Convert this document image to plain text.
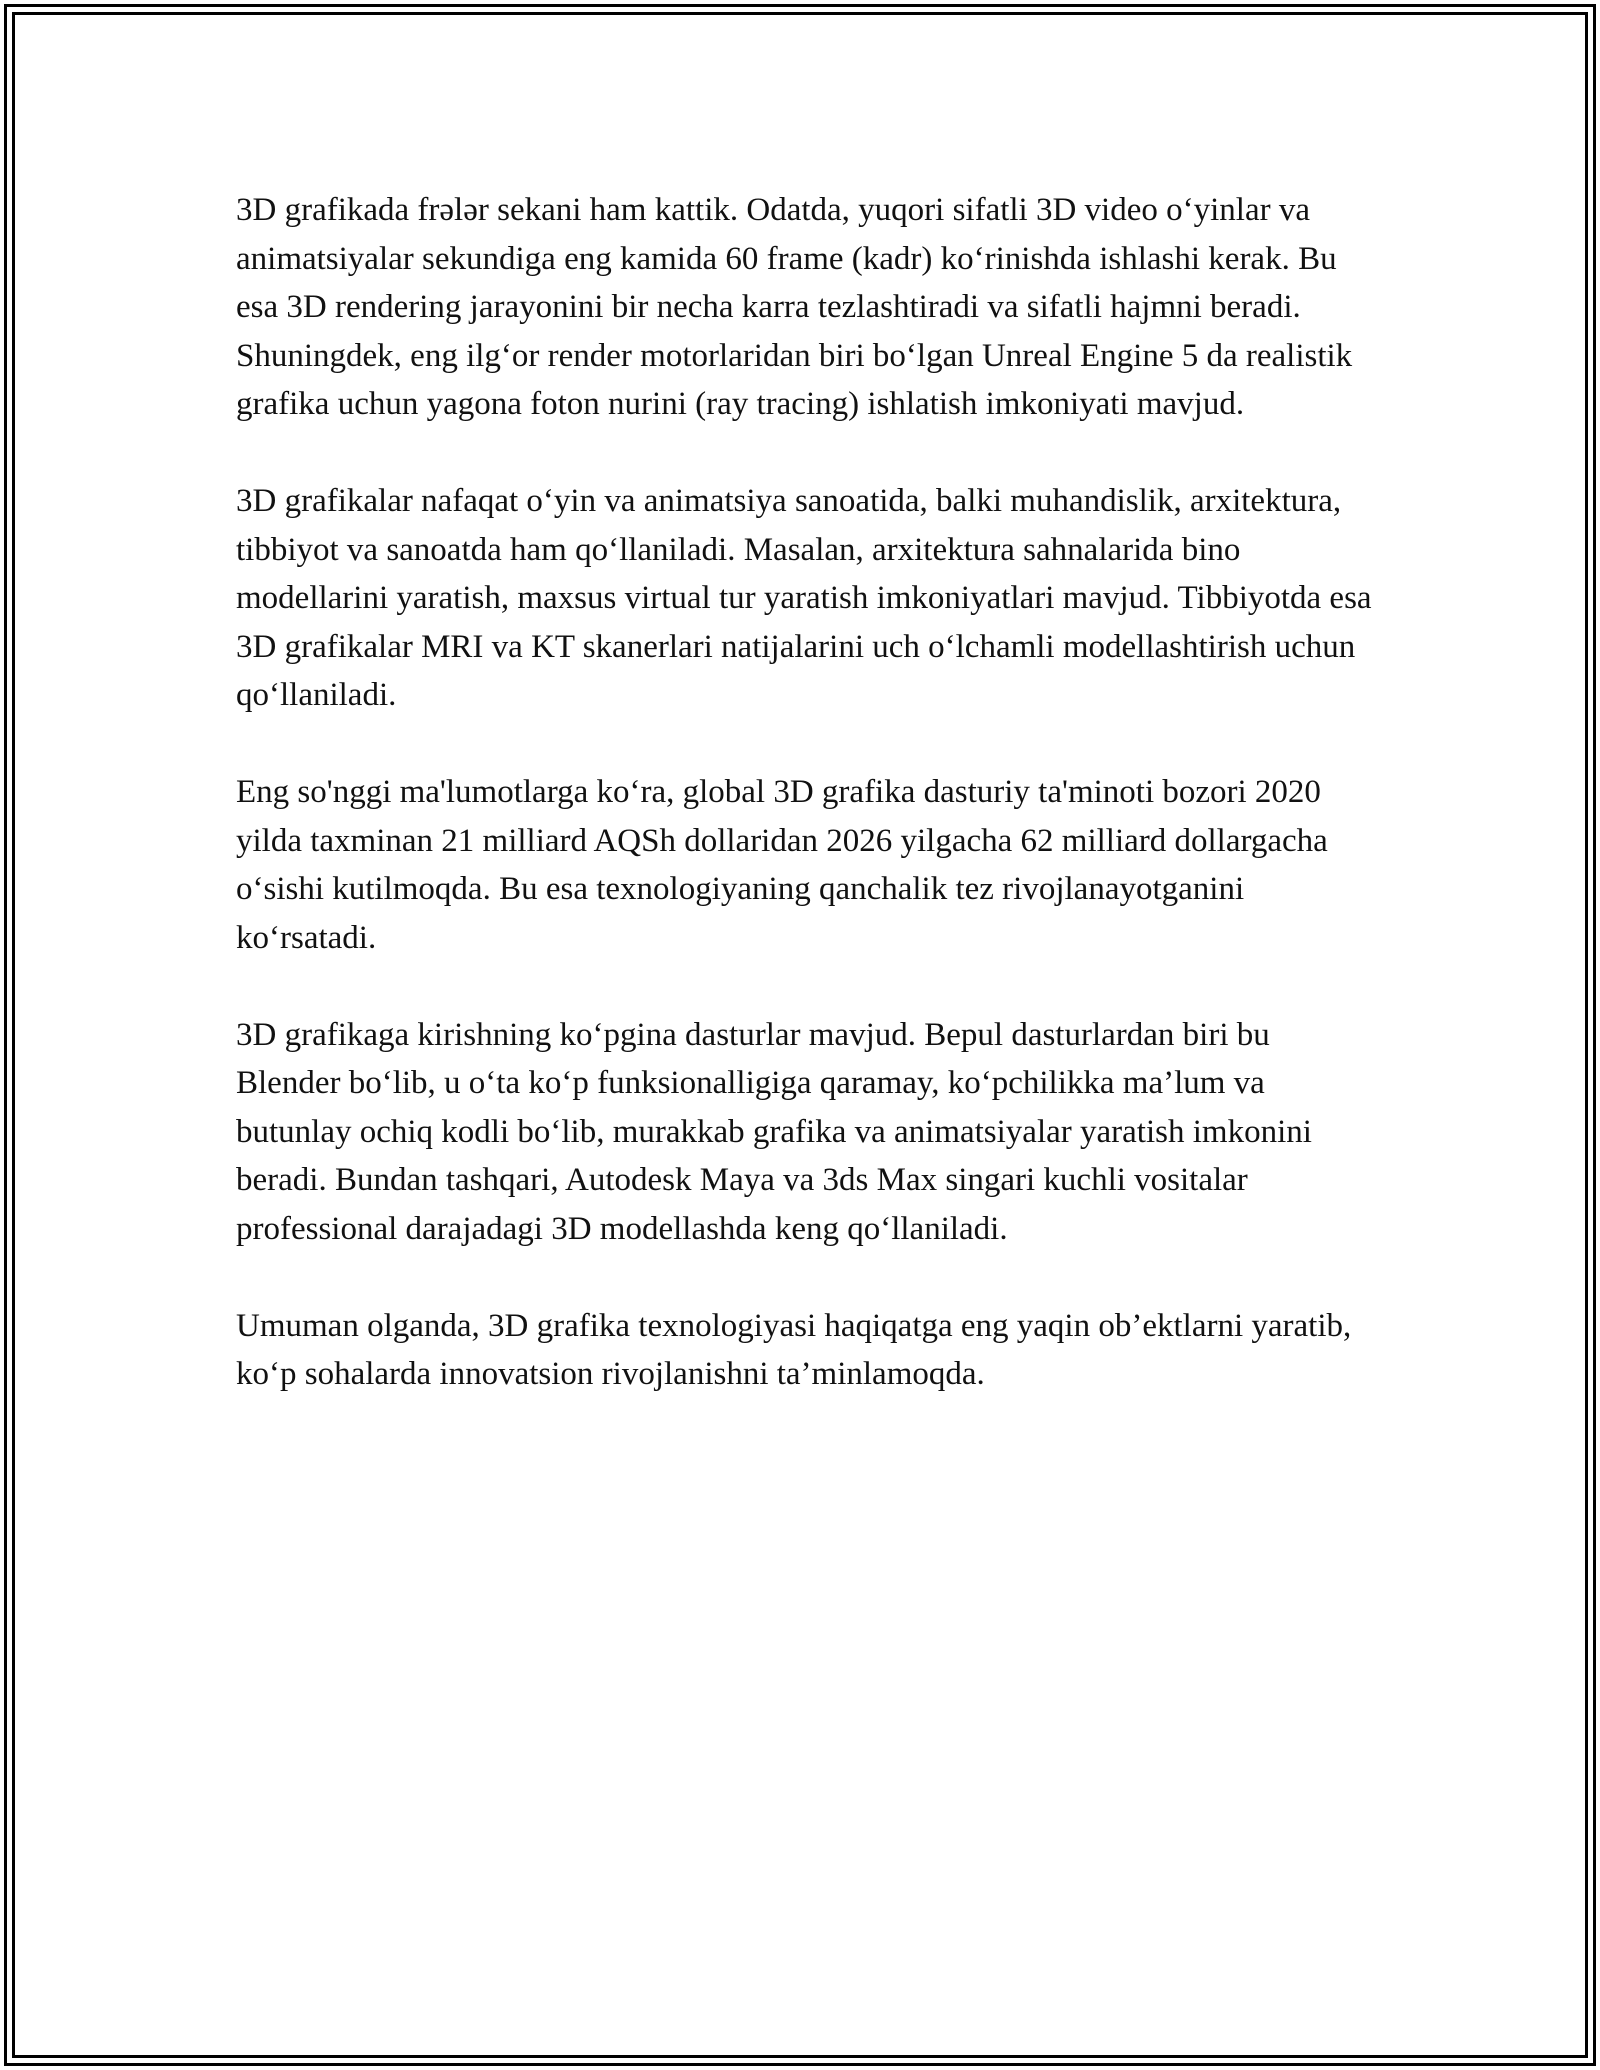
3D grafikada frələr sekani ham kattik. Odatda, yuqori sifatli 3D video o‘yinlar va animatsiyalar sekundiga eng kamida 60 frame (kadr) ko‘rinishda ishlashi kerak. Bu esa 3D rendering jarayonini bir necha karra tezlashtiradi va sifatli hajmni beradi. Shuningdek, eng ilg‘or render motorlaridan biri bo‘lgan Unreal Engine 5 da realistik grafika uchun yagona foton nurini (ray tracing) ishlatish imkoniyati mavjud.

3D grafikalar nafaqat o‘yin va animatsiya sanoatida, balki muhandislik, arxitektura, tibbiyot va sanoatda ham qo‘llaniladi. Masalan, arxitektura sahnalarida bino modellarini yaratish, maxsus virtual tur yaratish imkoniyatlari mavjud. Tibbiyotda esa 3D grafikalar MRI va KT skanerlari natijalarini uch o‘lchamli modellashtirish uchun qo‘llaniladi.

Eng so'nggi ma'lumotlarga ko‘ra, global 3D grafika dasturiy ta'minoti bozori 2020 yilda taxminan 21 milliard AQSh dollaridan 2026 yilgacha 62 milliard dollargacha o‘sishi kutilmoqda. Bu esa texnologiyaning qanchalik tez rivojlanayotganini ko‘rsatadi.

3D grafikaga kirishning ko‘pgina dasturlar mavjud. Bepul dasturlardan biri bu Blender bo‘lib, u o‘ta ko‘p funksionalligiga qaramay, ko‘pchilikka ma’lum va butunlay ochiq kodli bo‘lib, murakkab grafika va animatsiyalar yaratish imkonini beradi. Bundan tashqari, Autodesk Maya va 3ds Max singari kuchli vositalar professional darajadagi 3D modellashda keng qo‘llaniladi.

Umuman olganda, 3D grafika texnologiyasi haqiqatga eng yaqin ob’ektlarni yaratib, ko‘p sohalarda innovatsion rivojlanishni ta’minlamoqda.
